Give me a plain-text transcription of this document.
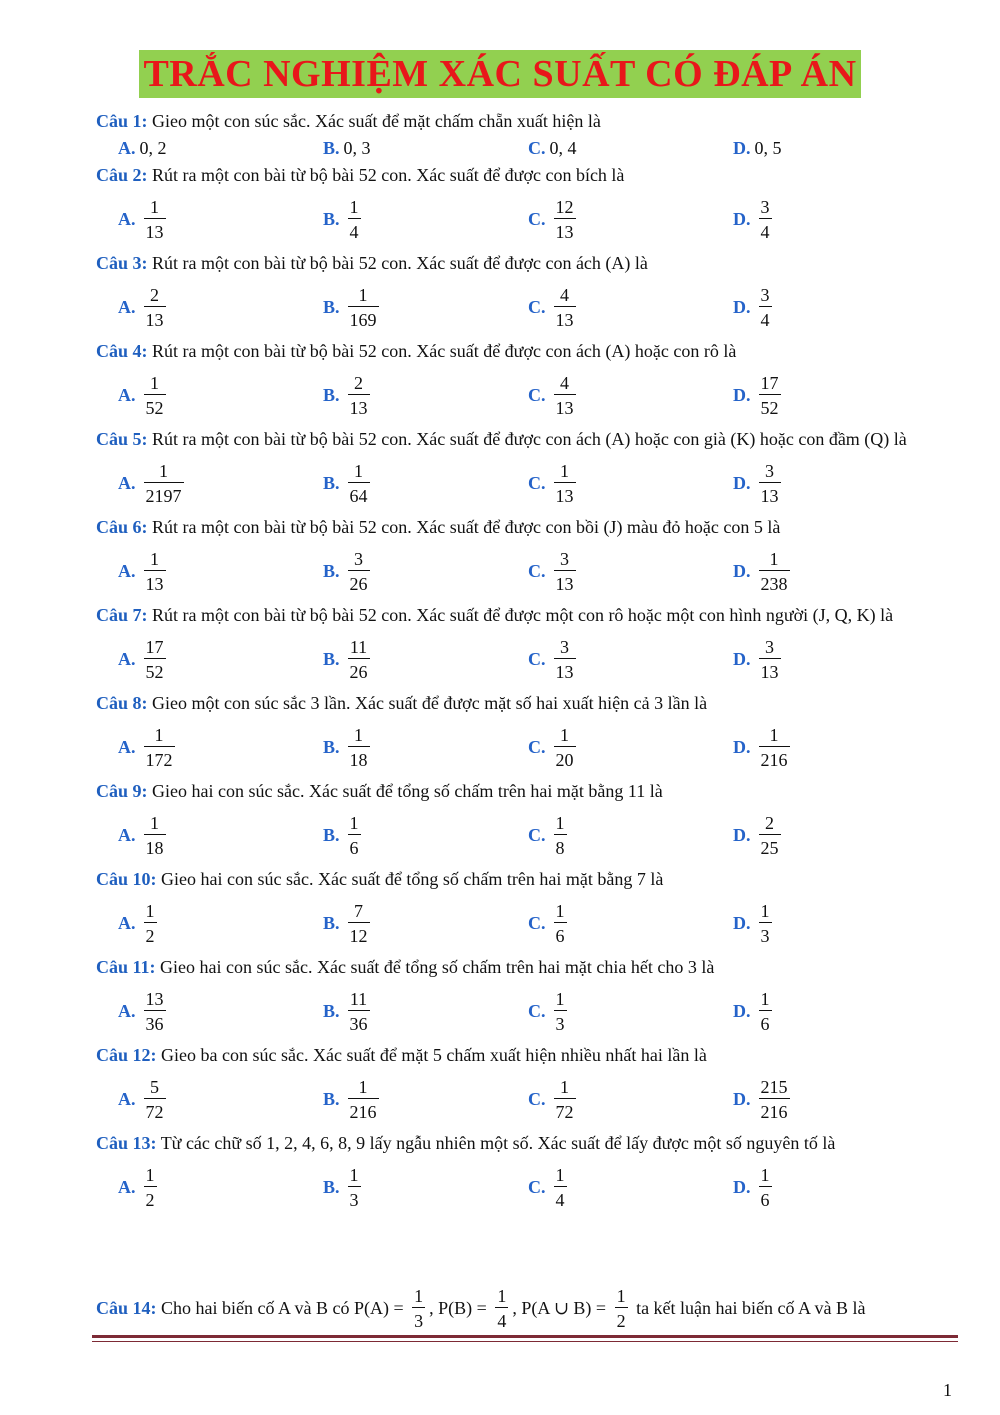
TRẮC NGHIỆM XÁC SUẤT CÓ ĐÁP ÁN

Câu 1: Gieo một con súc sắc. Xác suất để mặt chấm chẵn xuất hiện là

A. 0, 2	B. 0, 3	C. 0, 4	D. 0, 5

Câu 2: Rút ra một con bài từ bộ bài 52 con. Xác suất để được con bích là

A. $\frac{1}{13}$	B. $\frac{1}{4}$	C. $\frac{12}{13}$	D. $\frac{3}{4}$

Câu 3: Rút ra một con bài từ bộ bài 52 con. Xác suất để được con ách (A) là

A. $\frac{2}{13}$	B. $\frac{1}{169}$	C. $\frac{4}{13}$	D. $\frac{3}{4}$

Câu 4: Rút ra một con bài từ bộ bài 52 con. Xác suất để được con ách (A) hoặc con rô là

A. $\frac{1}{52}$	B. $\frac{2}{13}$	C. $\frac{4}{13}$	D. $\frac{17}{52}$

Câu 5: Rút ra một con bài từ bộ bài 52 con. Xác suất để được con ách (A) hoặc con già (K) hoặc con đầm (Q) là

A. $\frac{1}{2197}$	B. $\frac{1}{64}$	C. $\frac{1}{13}$	D. $\frac{3}{13}$

Câu 6: Rút ra một con bài từ bộ bài 52 con. Xác suất để được con bồi (J) màu đỏ hoặc con 5 là

A. $\frac{1}{13}$	B. $\frac{3}{26}$	C. $\frac{3}{13}$	D. $\frac{1}{238}$

Câu 7: Rút ra một con bài từ bộ bài 52 con. Xác suất để được một con rô hoặc một con hình người (J, Q, K) là

A. $\frac{17}{52}$	B. $\frac{11}{26}$	C. $\frac{3}{13}$	D. $\frac{3}{13}$

Câu 8: Gieo một con súc sắc 3 lần. Xác suất để được mặt số hai xuất hiện cả 3 lần là

A. $\frac{1}{172}$	B. $\frac{1}{18}$	C. $\frac{1}{20}$	D. $\frac{1}{216}$

Câu 9: Gieo hai con súc sắc. Xác suất để tổng số chấm trên hai mặt bằng 11 là

A. $\frac{1}{18}$	B. $\frac{1}{6}$	C. $\frac{1}{8}$	D. $\frac{2}{25}$

Câu 10: Gieo hai con súc sắc. Xác suất để tổng số chấm trên hai mặt bằng 7 là

A. $\frac{1}{2}$	B. $\frac{7}{12}$	C. $\frac{1}{6}$	D. $\frac{1}{3}$

Câu 11: Gieo hai con súc sắc. Xác suất để tổng số chấm trên hai mặt chia hết cho 3 là

A. $\frac{13}{36}$	B. $\frac{11}{36}$	C. $\frac{1}{3}$	D. $\frac{1}{6}$

Câu 12: Gieo ba con súc sắc. Xác suất để mặt 5 chấm xuất hiện nhiều nhất hai lần là

A. $\frac{5}{72}$	B. $\frac{1}{216}$	C. $\frac{1}{72}$	D. $\frac{215}{216}$

Câu 13: Từ các chữ số 1, 2, 4, 6, 8, 9 lấy ngẫu nhiên một số. Xác suất để lấy được một số nguyên tố là

A. $\frac{1}{2}$	B. $\frac{1}{3}$	C. $\frac{1}{4}$	D. $\frac{1}{6}$
Câu 14: Cho hai biến cố A và B có $P(A) = \frac{1}{3}$ , $P(B) = \frac{1}{4}$ , P(A ∪ $B) = \frac{1}{2}$ ta kết luận hai biến cố A và B là
1
